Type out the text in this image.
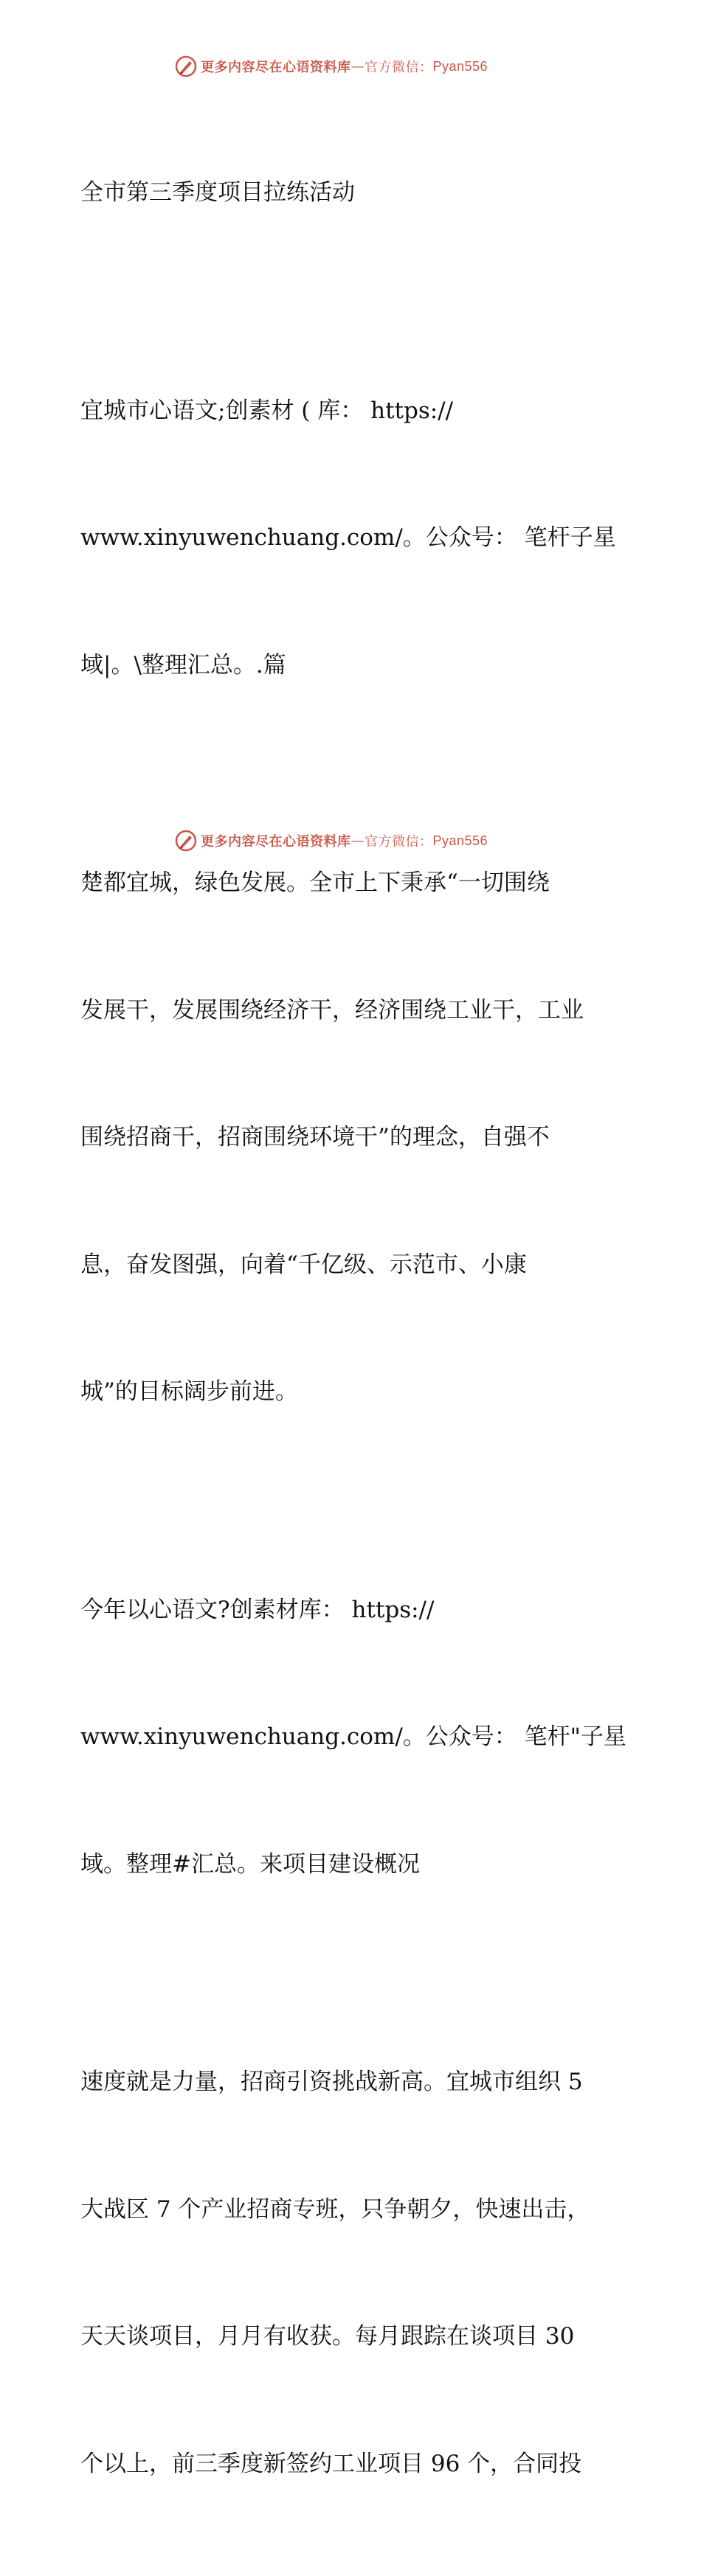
更多内容尽在心语资料库 — 官方微信： Pyan556

全市第三季度项目拉练活动

宜城市心语文;创素材 ( 库： https://

www.xinyuwenchuang.com/。公众号： 笔杆子星

域|。\整理汇总。.篇

楚都宜城，绿色发展。全市上下秉承“一切围绕

发展干，发展围绕经济干，经济围绕工业干，工业

围绕招商干，招商围绕环境干”的理念，自强不

息，奋发图强，向着“千亿级、示范市、小康

城”的目标阔步前进。

今年以心语文?创素材库： https://

www.xinyuwenchuang.com/。公众号： 笔杆"子星

域。整理#汇总。来项目建设概况

速度就是力量，招商引资挑战新高。宜城市组织 5

大战区 7 个产业招商专班，只争朝夕，快速出击，

天天谈项目，月月有收获。每月跟踪在谈项目 30

个以上，前三季度新签约工业项目 96 个，合同投

更多内容尽在心语资料库 — 官方微信： Pyan556
